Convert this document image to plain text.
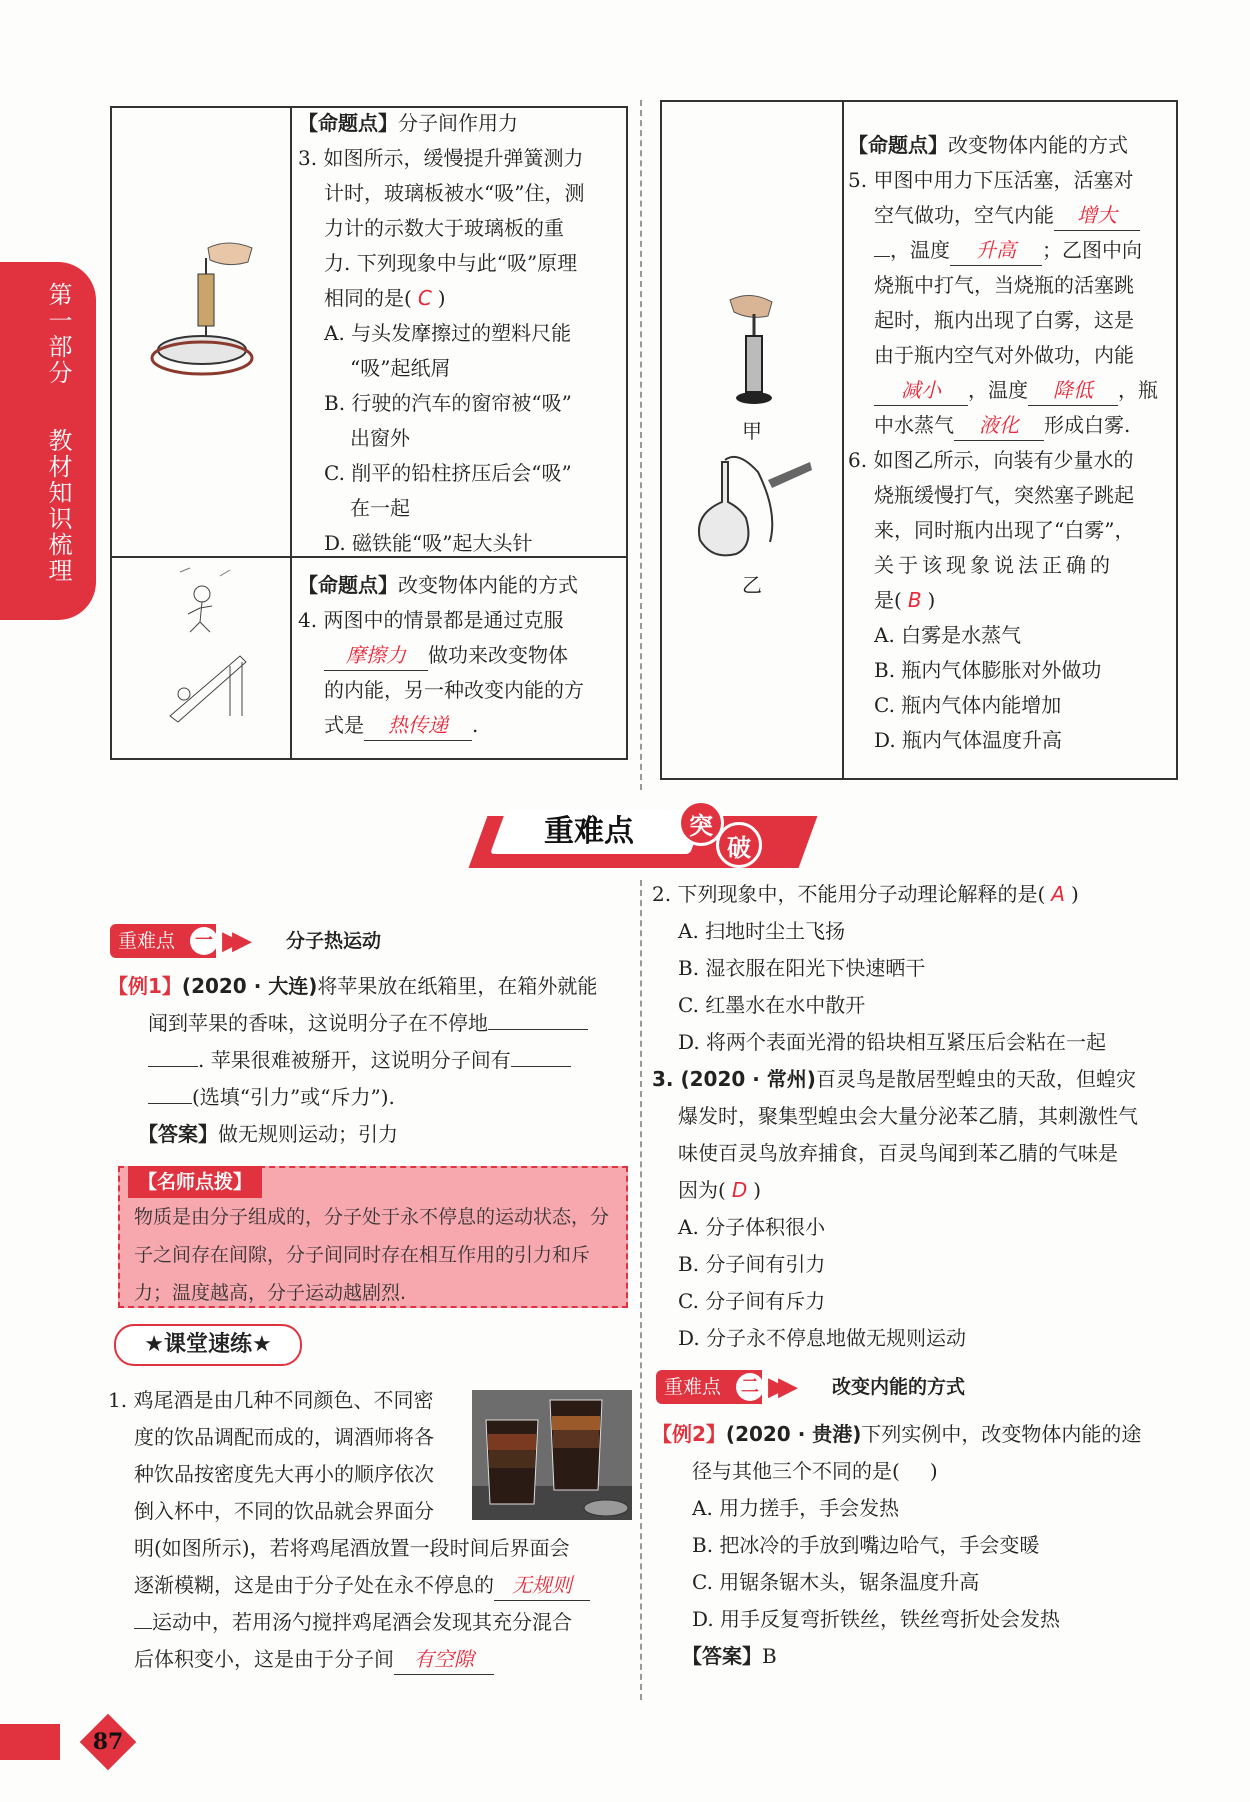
第一部分
教材知识梳理
【命题点】分子间作用力
3. 如图所示，缓慢提升弹簧测力
计时，玻璃板被水“吸”住，测
力计的示数大于玻璃板的重
力. 下列现象中与此“吸”原理
相同的是( C )
A. 与头发摩擦过的塑料尺能
“吸”起纸屑
B. 行驶的汽车的窗帘被“吸”
出窗外
C. 削平的铅柱挤压后会“吸”
在一起
D. 磁铁能“吸”起大头针
【命题点】改变物体内能的方式
4. 两图中的情景都是通过克服
摩擦力 做功来改变物体
的内能，另一种改变内能的方
式是 热传递 .
甲
乙
【命题点】改变物体内能的方式
5. 甲图中用力下压活塞，活塞对
空气做功，空气内能 增大
，温度 升高 ；乙图中向
烧瓶中打气，当烧瓶的活塞跳
起时，瓶内出现了白雾，这是
由于瓶内空气对外做功，内能
减小 ，温度 降低 ，瓶
中水蒸气 液化 形成白雾.
6. 如图乙所示，向装有少量水的
烧瓶缓慢打气，突然塞子跳起
来，同时瓶内出现了“白雾”，
关于该现象说法正确的
是( B )
A. 白雾是水蒸气
B. 瓶内气体膨胀对外做功
C. 瓶内气体内能增加
D. 瓶内气体温度升高
重难点	突
破
重难点	一 ▶▶ 分子热运动
【例1】(2020 · 大连)将苹果放在纸箱里，在箱外就能
闻到苹果的香味，这说明分子在不停地
. 苹果很难被掰开，这说明分子间有
(选填“引力”或“斥力”).
【答案】做无规则运动；引力
【名师点拨】
物质是由分子组成的，分子处于永不停息的运动状态，分子之间存在间隙，分子间同时存在相互作用的引力和斥力；温度越高，分子运动越剧烈.
★课堂速练★
1. 鸡尾酒是由几种不同颜色、不同密
度的饮品调配而成的，调酒师将各
种饮品按密度先大再小的顺序依次
倒入杯中，不同的饮品就会界面分
明(如图所示)，若将鸡尾酒放置一段时间后界面会
逐渐模糊，这是由于分子处在永不停息的 无规则
运动中，若用汤勺搅拌鸡尾酒会发现其充分混合
后体积变小，这是由于分子间 有空隙
2. 下列现象中，不能用分子动理论解释的是( A )
A. 扫地时尘土飞扬
B. 湿衣服在阳光下快速晒干
C. 红墨水在水中散开
D. 将两个表面光滑的铅块相互紧压后会粘在一起
3. (2020 · 常州)百灵鸟是散居型蝗虫的天敌，但蝗灾
爆发时，聚集型蝗虫会大量分泌苯乙腈，其刺激性气
味使百灵鸟放弃捕食，百灵鸟闻到苯乙腈的气味是
因为( D )
A. 分子体积很小
B. 分子间有引力
C. 分子间有斥力
D. 分子永不停息地做无规则运动
重难点	二 ▶▶ 改变内能的方式
【例2】(2020 · 贵港)下列实例中，改变物体内能的途
径与其他三个不同的是( )
A. 用力搓手，手会发热
B. 把冰冷的手放到嘴边哈气，手会变暖
C. 用锯条锯木头，锯条温度升高
D. 用手反复弯折铁丝，铁丝弯折处会发热
【答案】B
87
